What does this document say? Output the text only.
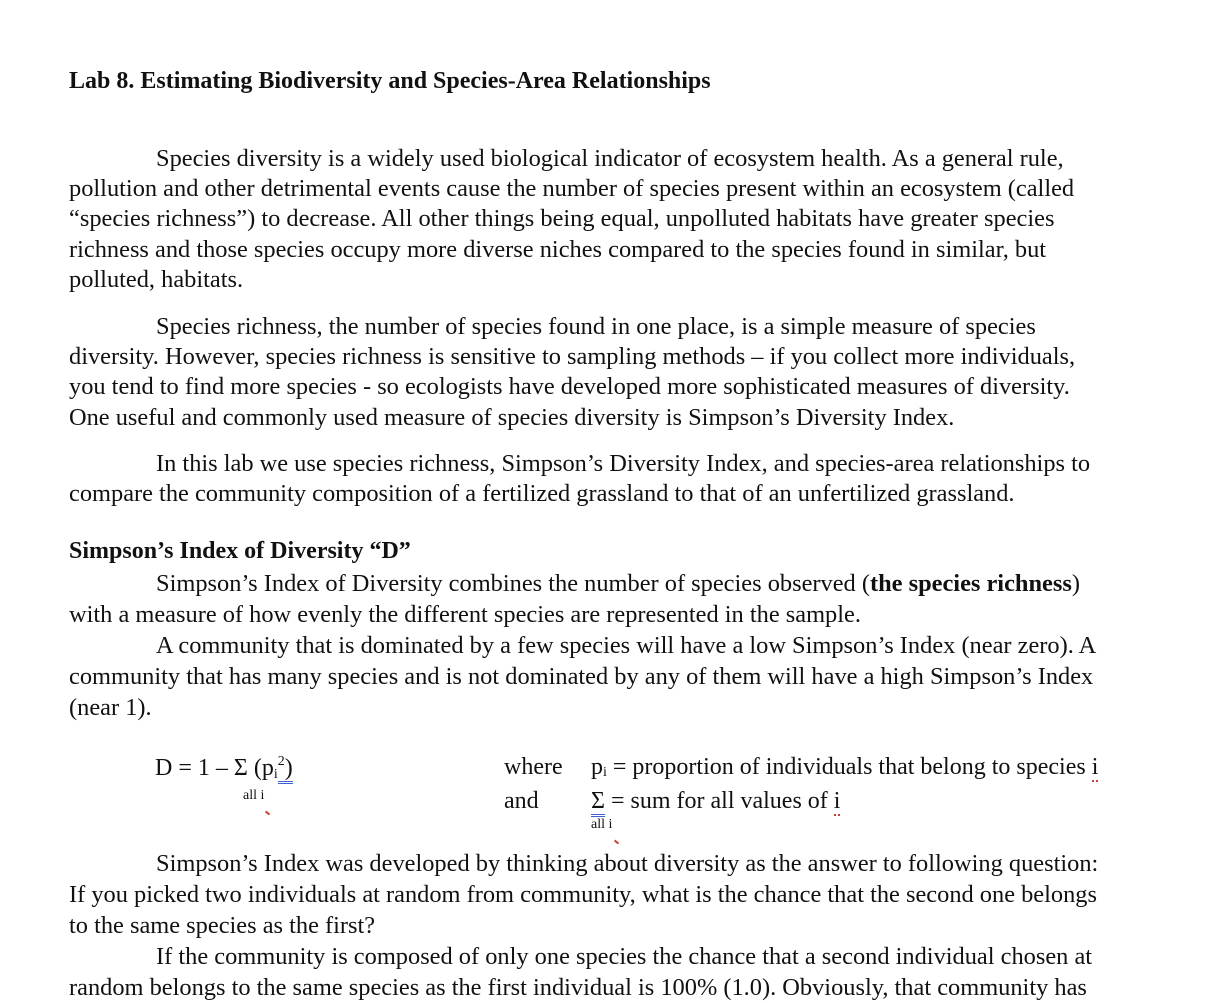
Lab 8. Estimating Biodiversity and Species-Area Relationships

Species diversity is a widely used biological indicator of ecosystem health. As a general rule,
pollution and other detrimental events cause the number of species present within an ecosystem (called
“species richness”) to decrease. All other things being equal, unpolluted habitats have greater species
richness and those species occupy more diverse niches compared to the species found in similar, but
polluted, habitats.

Species richness, the number of species found in one place, is a simple measure of species
diversity. However, species richness is sensitive to sampling methods – if you collect more individuals,
you tend to find more species - so ecologists have developed more sophisticated measures of diversity.
One useful and commonly used measure of species diversity is Simpson’s Diversity Index.

In this lab we use species richness, Simpson’s Diversity Index, and species-area relationships to
compare the community composition of a fertilized grassland to that of an unfertilized grassland.

Simpson’s Index of Diversity “D”

Simpson’s Index of Diversity combines the number of species observed (the species richness)
with a measure of how evenly the different species are represented in the sample.
A community that is dominated by a few species will have a low Simpson’s Index (near zero). A
community that has many species and is not dominated by any of them will have a high Simpson’s Index
(near 1).

D = 1 – Σ $(p_i^2)$
all i
where
and
pi = proportion of individuals that belong to species i
Σ = sum for all values of i
all i

Simpson’s Index was developed by thinking about diversity as the answer to following question:
If you picked two individuals at random from community, what is the chance that the second one belongs
to the same species as the first?
If the community is composed of only one species the chance that a second individual chosen at
random belongs to the same species as the first individual is 100% (1.0). Obviously, that community has
